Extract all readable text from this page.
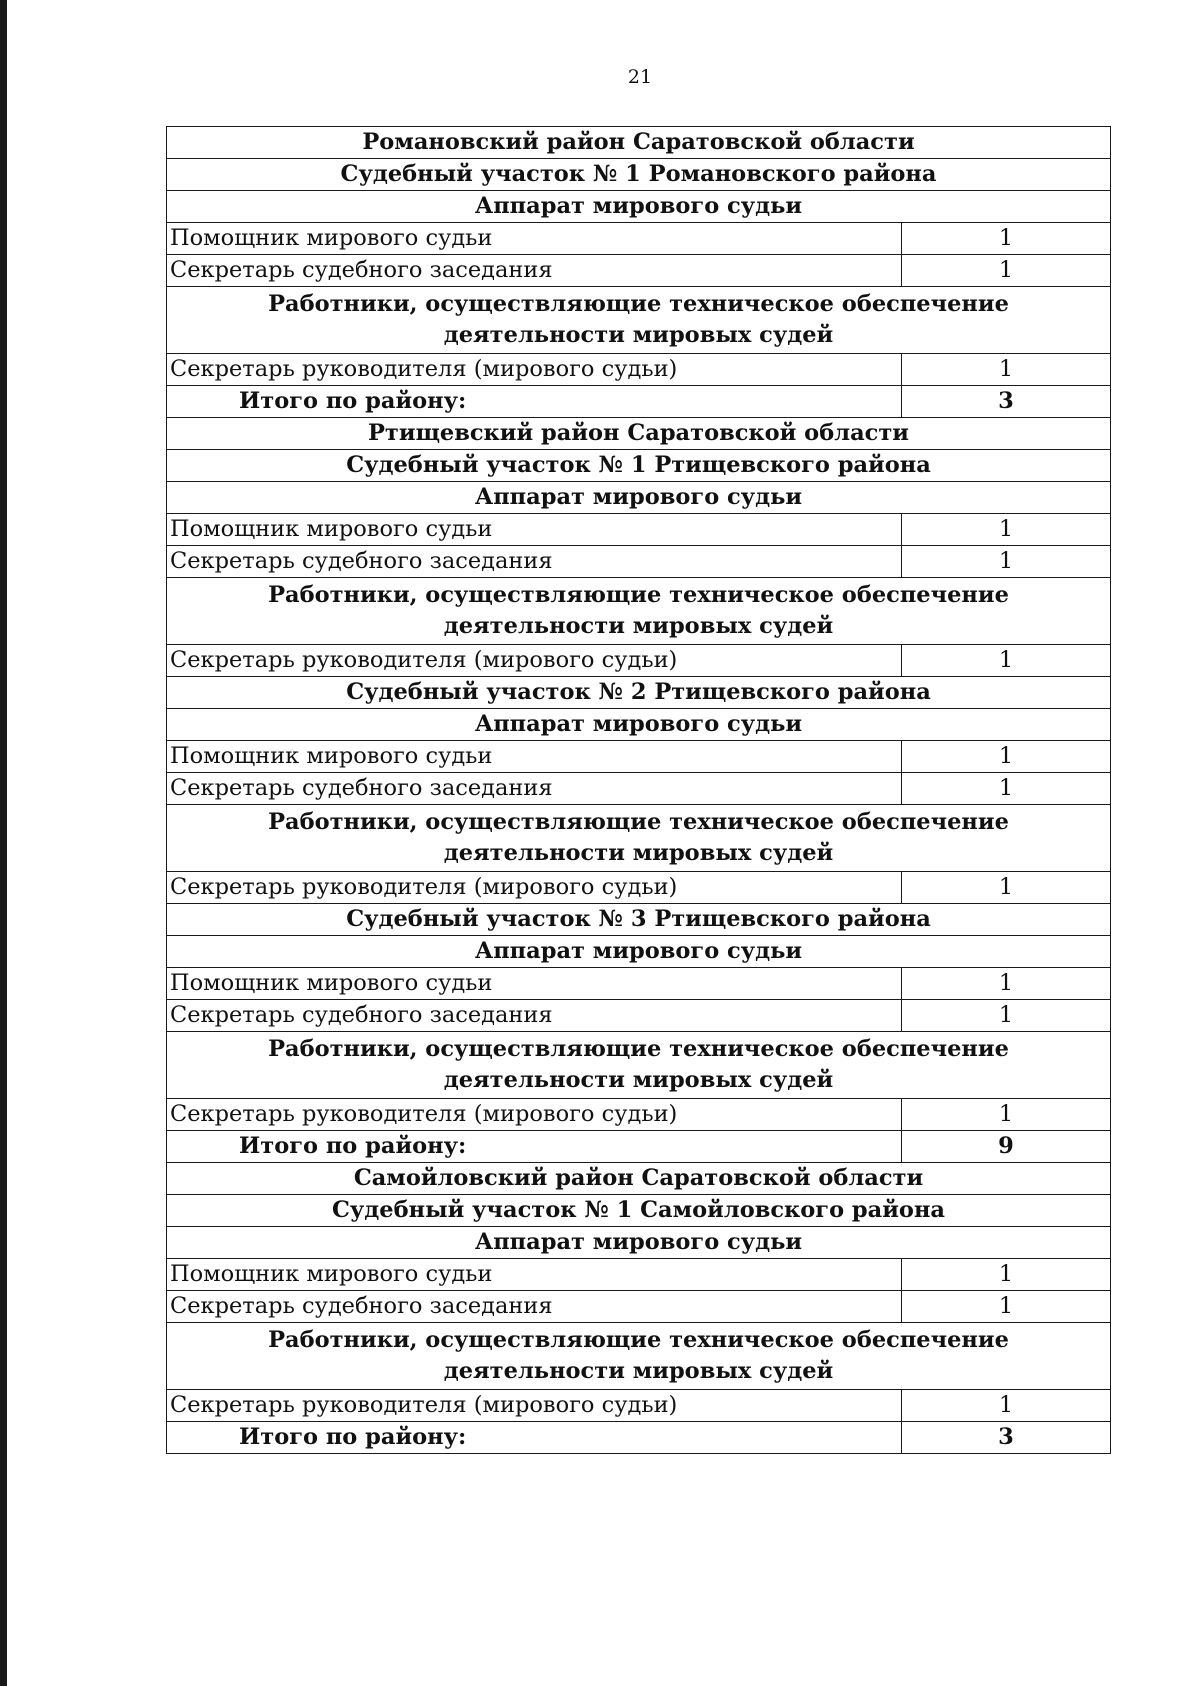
21
Романовский район Саратовской области	
Судебный участок № 1 Романовского района	
Аппарат мирового судьи	
Помощник мирового судьи	1
Секретарь судебного заседания	1
Работники, осуществляющие техническое обеспечение деятельности мировых судей	
Секретарь руководителя (мирового судьи)	1
Итого по району:	3
Ртищевский район Саратовской области	
Судебный участок № 1 Ртищевского района	
Аппарат мирового судьи	
Помощник мирового судьи	1
Секретарь судебного заседания	1
Работники, осуществляющие техническое обеспечение деятельности мировых судей	
Секретарь руководителя (мирового судьи)	1
Судебный участок № 2 Ртищевского района	
Аппарат мирового судьи	
Помощник мирового судьи	1
Секретарь судебного заседания	1
Работники, осуществляющие техническое обеспечение деятельности мировых судей	
Секретарь руководителя (мирового судьи)	1
Судебный участок № 3 Ртищевского района	
Аппарат мирового судьи	
Помощник мирового судьи	1
Секретарь судебного заседания	1
Работники, осуществляющие техническое обеспечение деятельности мировых судей	
Секретарь руководителя (мирового судьи)	1
Итого по району:	9
Самойловский район Саратовской области	
Судебный участок № 1 Самойловского района	
Аппарат мирового судьи	
Помощник мирового судьи	1
Секретарь судебного заседания	1
Работники, осуществляющие техническое обеспечение деятельности мировых судей	
Секретарь руководителя (мирового судьи)	1
Итого по району:	3
